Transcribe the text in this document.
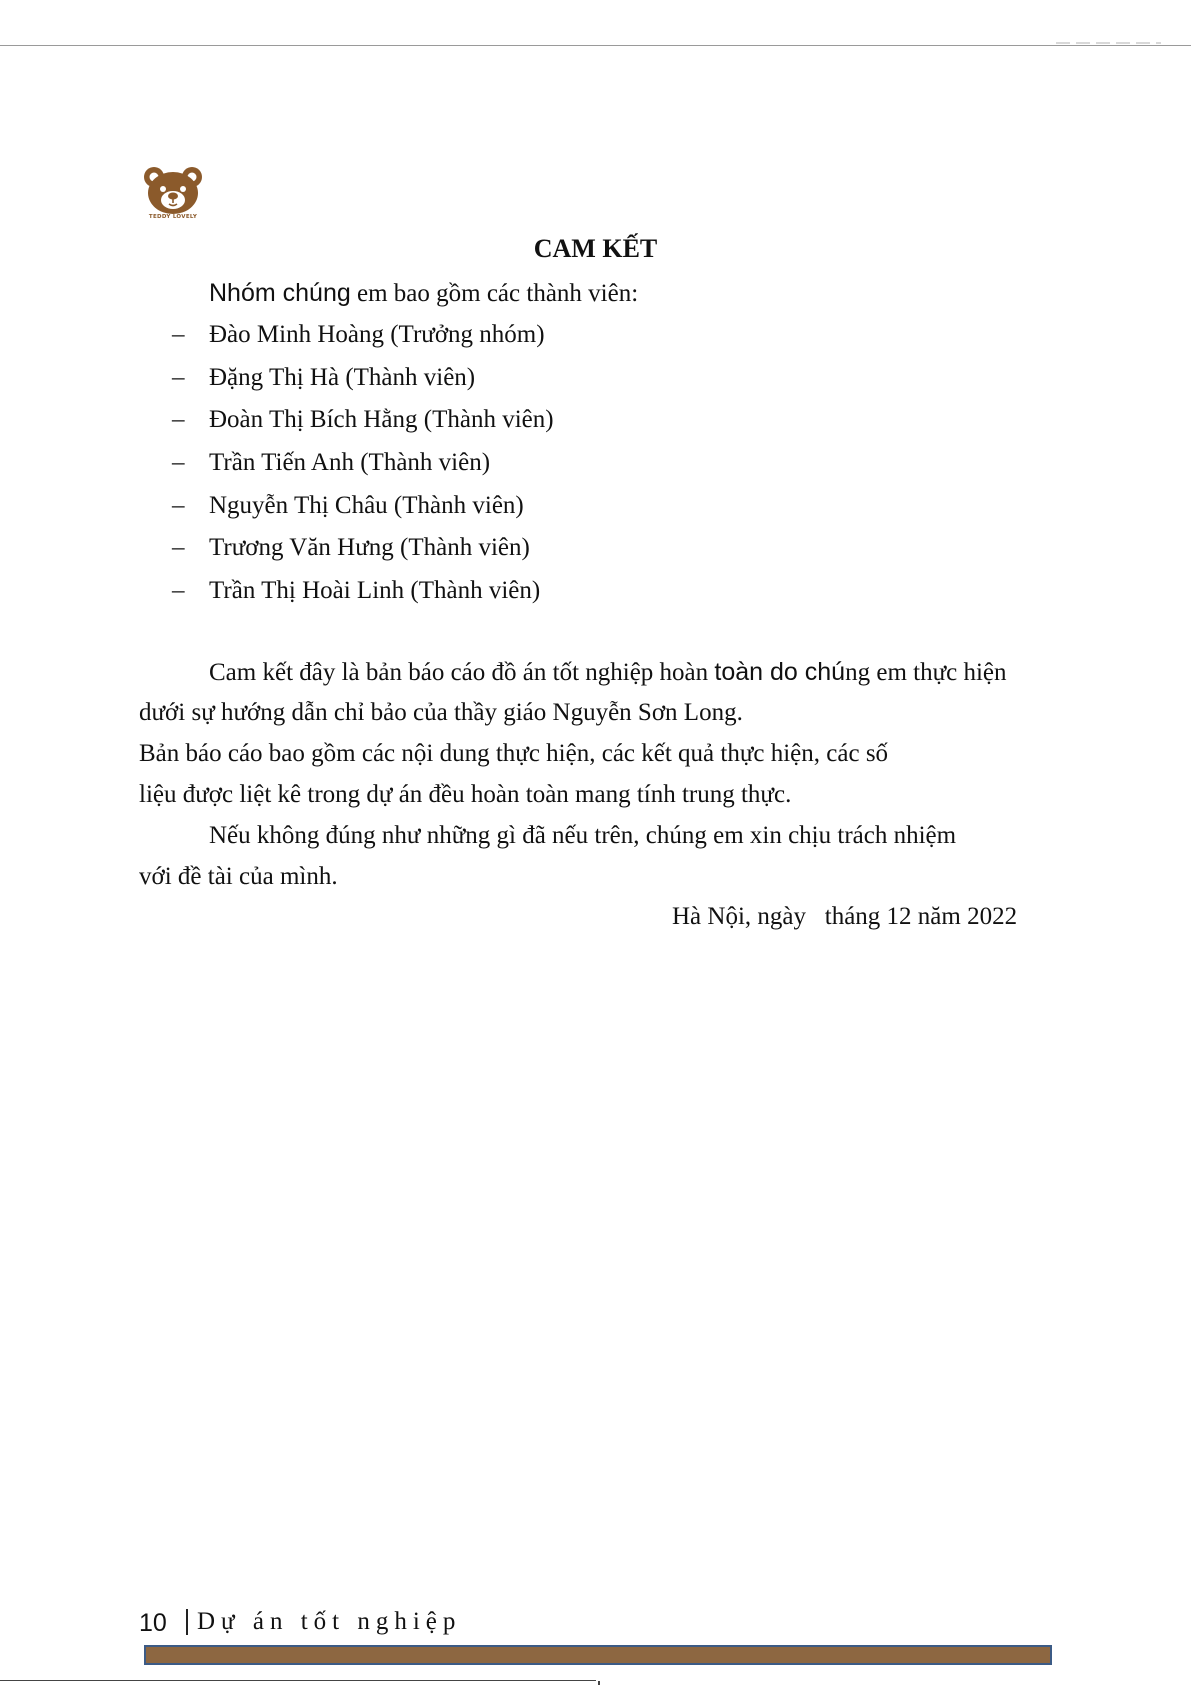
TEDDY LOVELY
CAM KẾT
Nhóm chúng em bao gồm các thành viên:
– Đào Minh Hoàng (Trưởng nhóm)
– Đặng Thị Hà (Thành viên)
– Đoàn Thị Bích Hằng (Thành viên)
– Trần Tiến Anh (Thành viên)
– Nguyễn Thị Châu (Thành viên)
– Trương Văn Hưng (Thành viên)
– Trần Thị Hoài Linh (Thành viên)
Cam kết đây là bản báo cáo đồ án tốt nghiệp hoàn toàn do chúng em thực hiện
dưới sự hướng dẫn chỉ bảo của thầy giáo Nguyễn Sơn Long.
Bản báo cáo bao gồm các nội dung thực hiện, các kết quả thực hiện, các số
liệu được liệt kê trong dự án đều hoàn toàn mang tính trung thực.
Nếu không đúng như những gì đã nếu trên, chúng em xin chịu trách nhiệm
với đề tài của mình.
Hà Nội, ngày   tháng 12 năm 2022
10 Dự án tốt nghiệp
